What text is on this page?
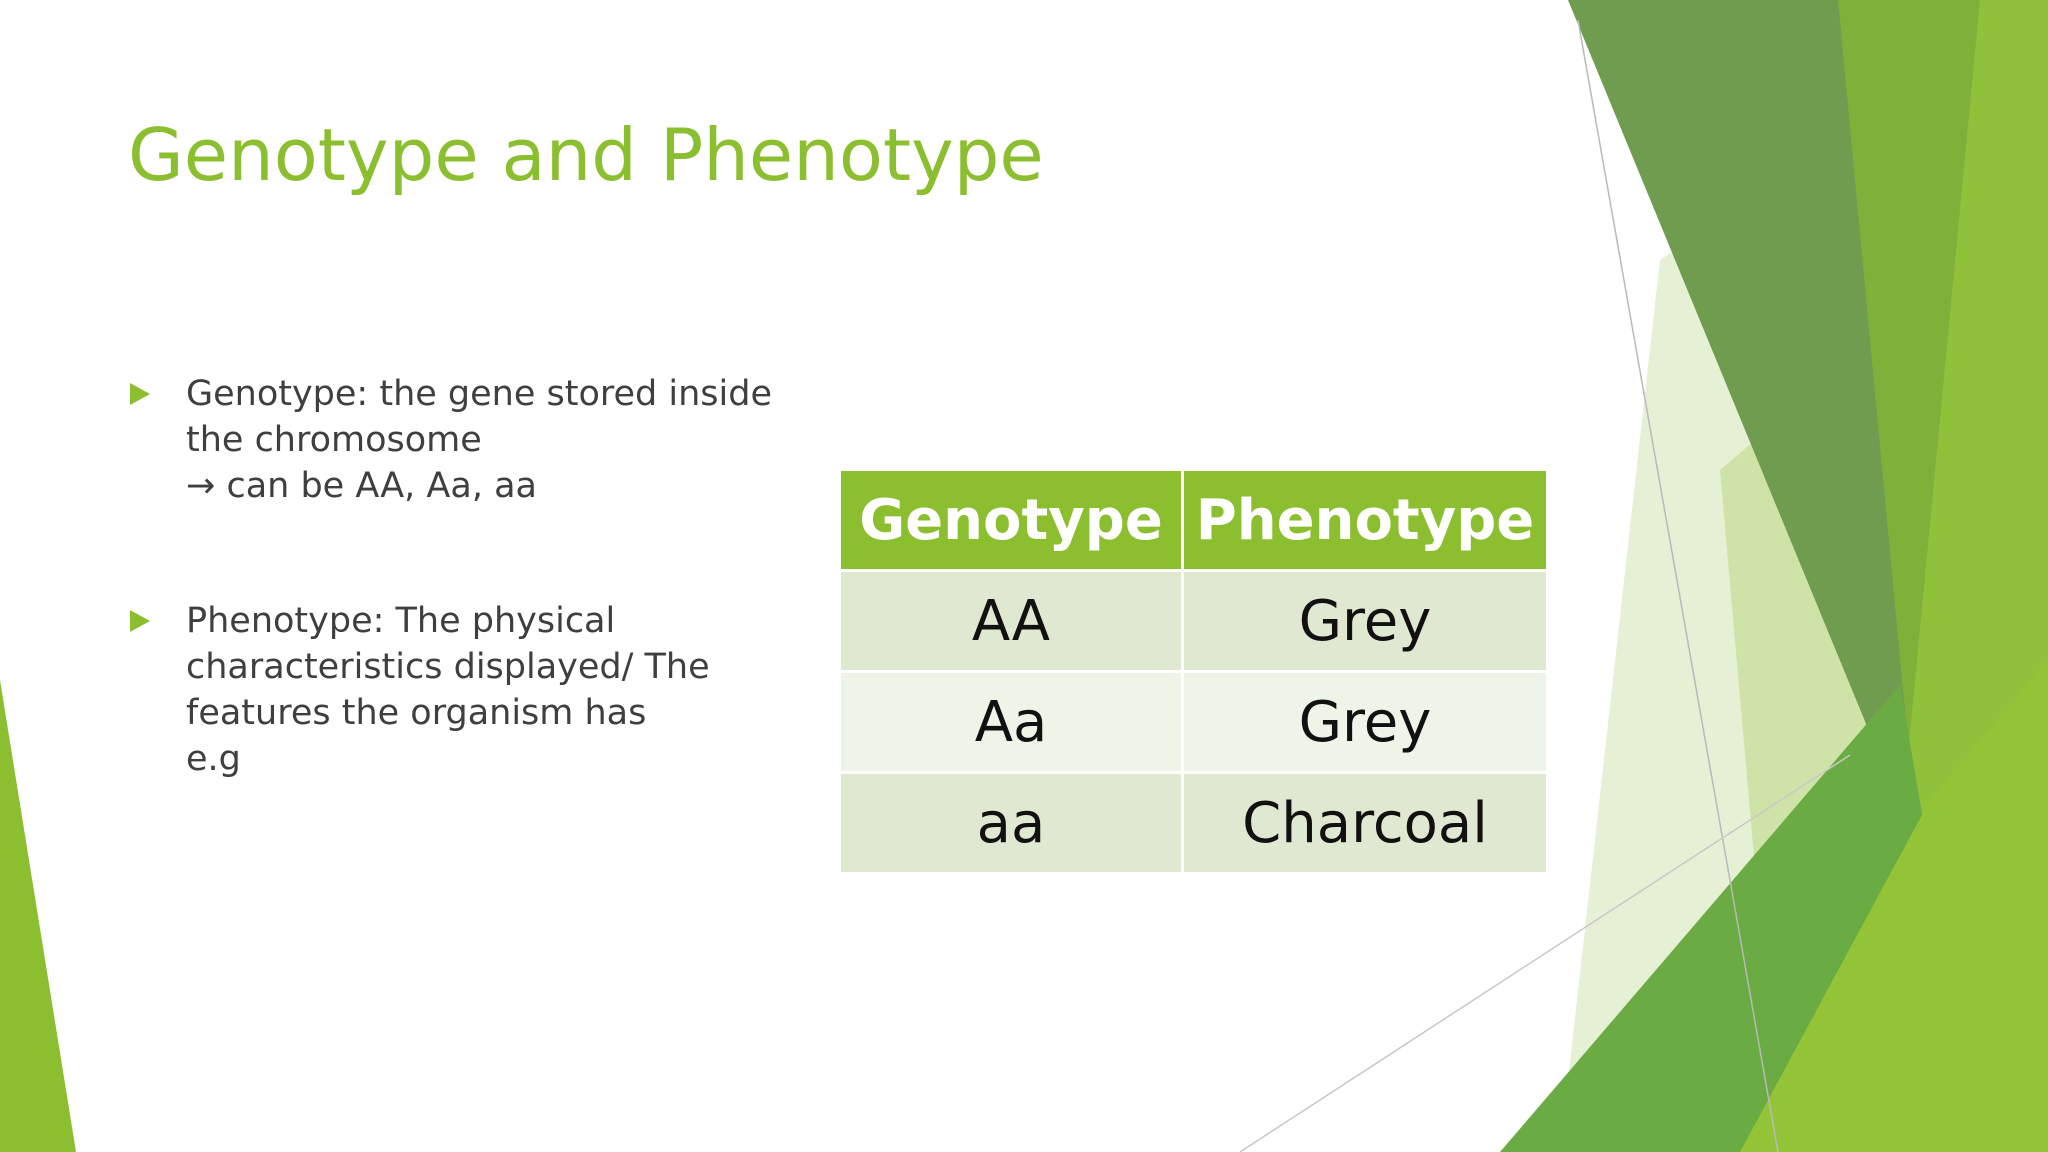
Genotype and Phenotype
Genotype: the gene stored inside
the chromosome
→ can be AA, Aa, aa
Phenotype: The physical
characteristics displayed/ The
features the organism has
e.g
Genotype	Phenotype
AA	Grey
Aa	Grey
aa	Charcoal
